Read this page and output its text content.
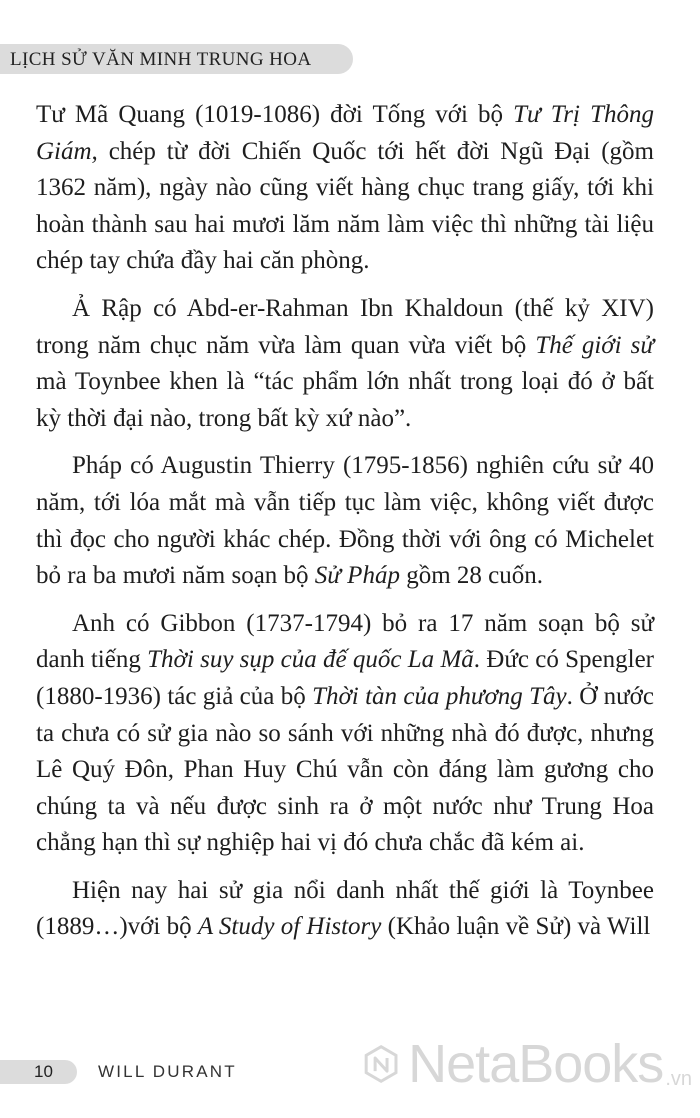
LỊCH SỬ VĂN MINH TRUNG HOA

Tư Mã Quang (1019-1086) đời Tống với bộ Tư Trị Thông Giám, chép từ đời Chiến Quốc tới hết đời Ngũ Đại (gồm 1362 năm), ngày nào cũng viết hàng chục trang giấy, tới khi hoàn thành sau hai mươi lăm năm làm việc thì những tài liệu chép tay chứa đầy hai căn phòng.

Ả Rập có Abd-er-Rahman Ibn Khaldoun (thế kỷ XIV) trong năm chục năm vừa làm quan vừa viết bộ Thế giới sử mà Toynbee khen là “tác phẩm lớn nhất trong loại đó ở bất kỳ thời đại nào, trong bất kỳ xứ nào”.

Pháp có Augustin Thierry (1795-1856) nghiên cứu sử 40 năm, tới lóa mắt mà vẫn tiếp tục làm việc, không viết được thì đọc cho người khác chép. Đồng thời với ông có Michelet bỏ ra ba mươi năm soạn bộ Sử Pháp gồm 28 cuốn.

Anh có Gibbon (1737-1794) bỏ ra 17 năm soạn bộ sử danh tiếng Thời suy sụp của đế quốc La Mã. Đức có Spengler (1880-1936) tác giả của bộ Thời tàn của phương Tây. Ở nước ta chưa có sử gia nào so sánh với những nhà đó được, nhưng Lê Quý Đôn, Phan Huy Chú vẫn còn đáng làm gương cho chúng ta và nếu được sinh ra ở một nước như Trung Hoa chẳng hạn thì sự nghiệp hai vị đó chưa chắc đã kém ai.

Hiện nay hai sử gia nổi danh nhất thế giới là Toynbee (1889…)với bộ A Study of History (Khảo luận về Sử) và Will

10	WILL DURANT	NetaBooks .vn
